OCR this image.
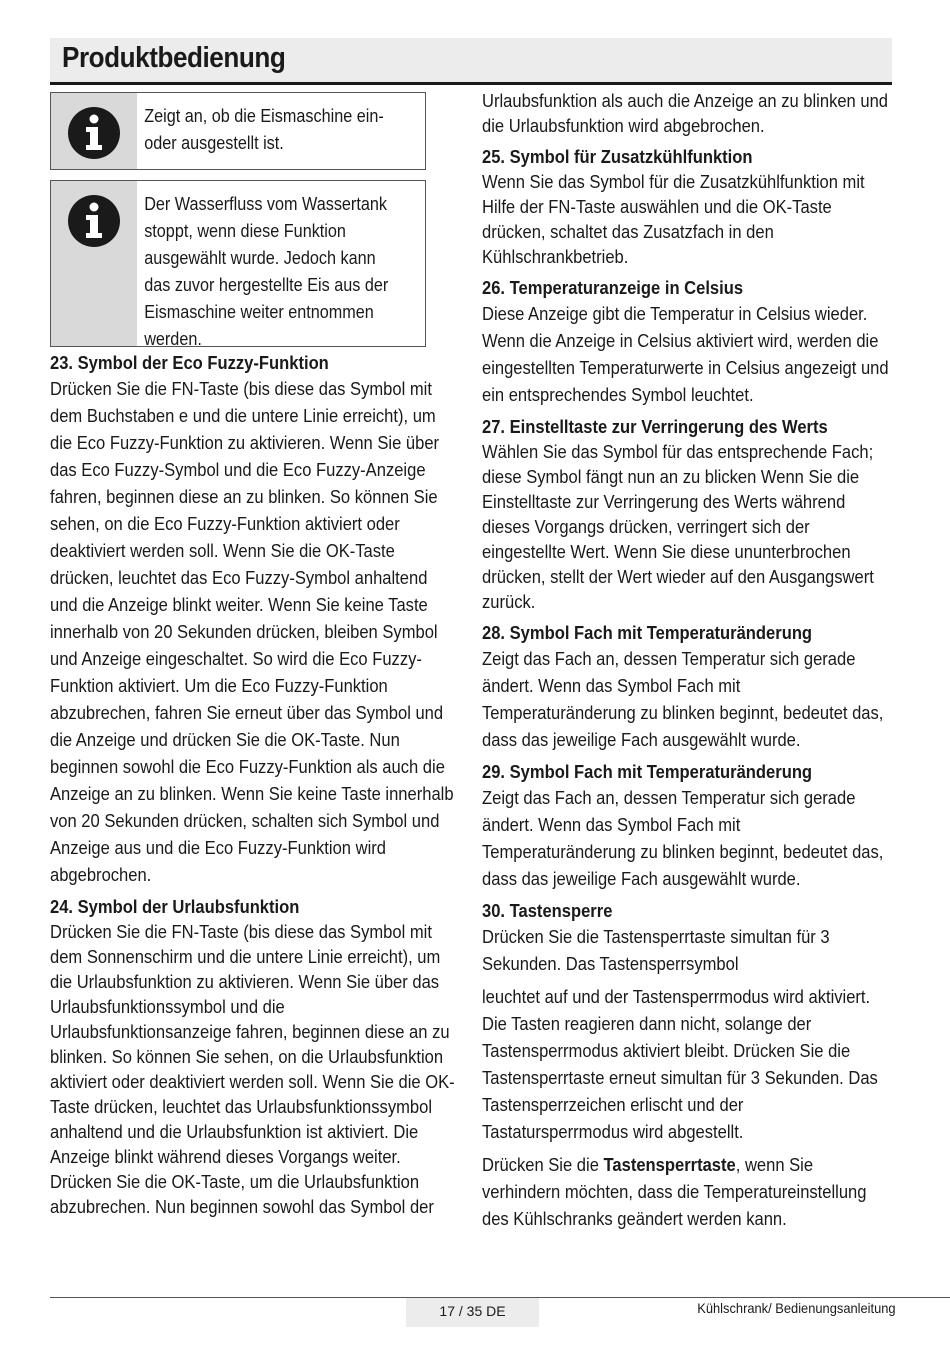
Produktbedienung
Zeigt an, ob die Eismaschine ein- oder ausgestellt ist.
Der Wasserfluss vom Wassertank stoppt, wenn diese Funktion ausgewählt wurde. Jedoch kann das zuvor hergestellte Eis aus der Eismaschine weiter entnommen werden.
23. Symbol der Eco Fuzzy-Funktion

Drücken Sie die FN-Taste (bis diese das Symbol mit dem Buchstaben e und die untere Linie erreicht), um die Eco Fuzzy-Funktion zu aktivieren. Wenn Sie über das Eco Fuzzy-Symbol und die Eco Fuzzy-Anzeige fahren, beginnen diese an zu blinken. So können Sie sehen, on die Eco Fuzzy-Funktion aktiviert oder deaktiviert werden soll. Wenn Sie die OK-Taste drücken, leuchtet das Eco Fuzzy-Symbol anhaltend und die Anzeige blinkt weiter. Wenn Sie keine Taste innerhalb von 20 Sekunden drücken, bleiben Symbol und Anzeige eingeschaltet. So wird die Eco Fuzzy-Funktion aktiviert. Um die Eco Fuzzy-Funktion abzubrechen, fahren Sie erneut über das Symbol und die Anzeige und drücken Sie die OK-Taste. Nun beginnen sowohl die Eco Fuzzy-Funktion als auch die Anzeige an zu blinken. Wenn Sie keine Taste innerhalb von 20 Sekunden drücken, schalten sich Symbol und Anzeige aus und die Eco Fuzzy-Funktion wird abgebrochen.

24. Symbol der Urlaubsfunktion

Drücken Sie die FN-Taste (bis diese das Symbol mit dem Sonnenschirm und die untere Linie erreicht), um die Urlaubsfunktion zu aktivieren. Wenn Sie über das Urlaubsfunktionssymbol und die Urlaubsfunktionsanzeige fahren, beginnen diese an zu blinken. So können Sie sehen, on die Urlaubsfunktion aktiviert oder deaktiviert werden soll. Wenn Sie die OK-Taste drücken, leuchtet das Urlaubsfunktionssymbol anhaltend und die Urlaubsfunktion ist aktiviert. Die Anzeige blinkt während dieses Vorgangs weiter. Drücken Sie die OK-Taste, um die Urlaubsfunktion abzubrechen. Nun beginnen sowohl das Symbol der

Urlaubsfunktion als auch die Anzeige an zu blinken und die Urlaubsfunktion wird abgebrochen.

25. Symbol für Zusatzkühlfunktion

Wenn Sie das Symbol für die Zusatzkühlfunktion mit Hilfe der FN-Taste auswählen und die OK-Taste drücken, schaltet das Zusatzfach in den Kühlschrankbetrieb.

26. Temperaturanzeige in Celsius

Diese Anzeige gibt die Temperatur in Celsius wieder. Wenn die Anzeige in Celsius aktiviert wird, werden die eingestellten Temperaturwerte in Celsius angezeigt und ein entsprechendes Symbol leuchtet.

27. Einstelltaste zur Verringerung des Werts

Wählen Sie das Symbol für das entsprechende Fach; diese Symbol fängt nun an zu blicken Wenn Sie die Einstelltaste zur Verringerung des Werts während dieses Vorgangs drücken, verringert sich der eingestellte Wert. Wenn Sie diese ununterbrochen drücken, stellt der Wert wieder auf den Ausgangswert zurück.

28. Symbol Fach mit Temperaturänderung

Zeigt das Fach an, dessen Temperatur sich gerade ändert. Wenn das Symbol Fach mit Temperaturänderung zu blinken beginnt, bedeutet das, dass das jeweilige Fach ausgewählt wurde.

29. Symbol Fach mit Temperaturänderung

Zeigt das Fach an, dessen Temperatur sich gerade ändert. Wenn das Symbol Fach mit Temperaturänderung zu blinken beginnt, bedeutet das, dass das jeweilige Fach ausgewählt wurde.

30. Tastensperre

Drücken Sie die Tastensperrtaste simultan für 3 Sekunden. Das Tastensperrsymbol

leuchtet auf und der Tastensperrmodus wird aktiviert. Die Tasten reagieren dann nicht, solange der Tastensperrmodus aktiviert bleibt. Drücken Sie die Tastensperrtaste erneut simultan für 3 Sekunden. Das Tastensperrzeichen erlischt und der Tastatursperrmodus wird abgestellt.

Drücken Sie die Tastensperrtaste, wenn Sie verhindern möchten, dass die Temperatureinstellung des Kühlschranks geändert werden kann.

17 / 35 DE	Kühlschrank/ Bedienungsanleitung
